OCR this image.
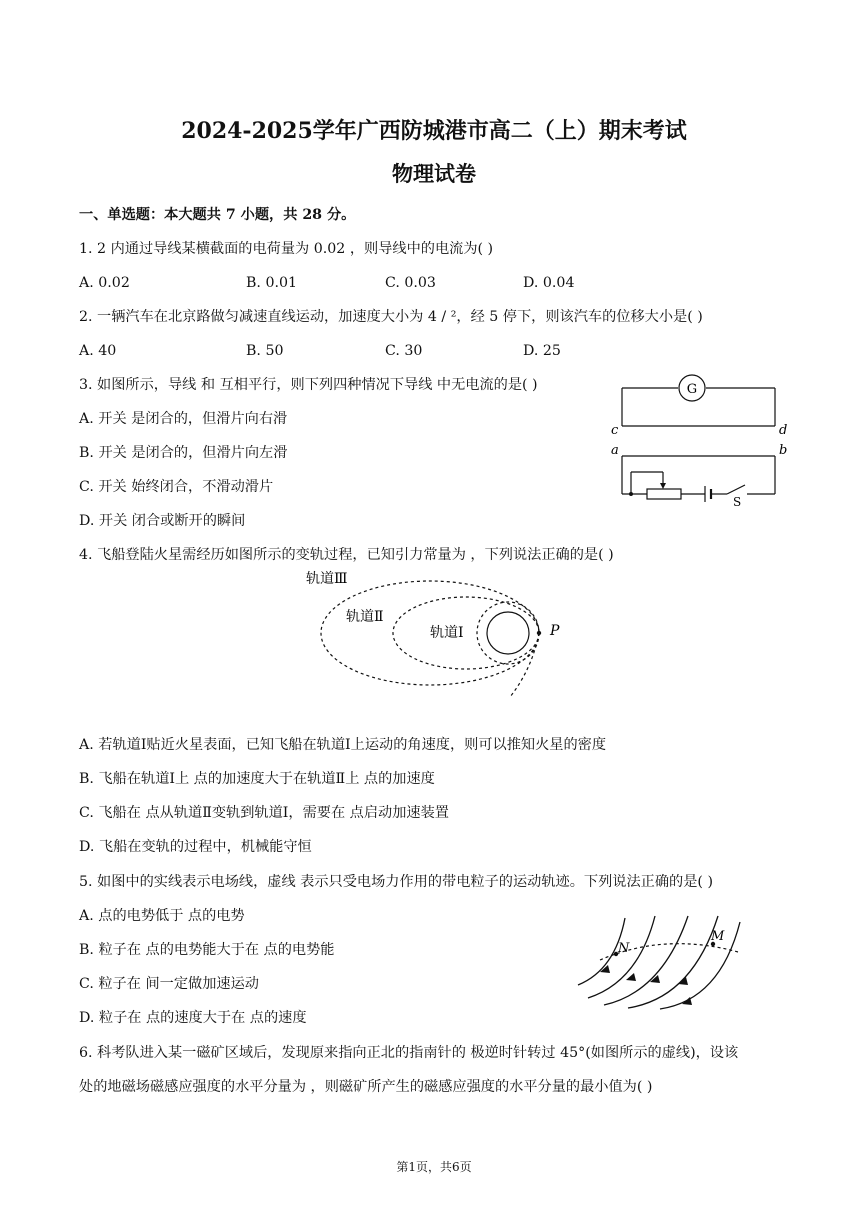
2024-2025学年广西防城港市高二（上）期末考试
物理试卷
一、单选题：本大题共 7 小题，共 28 分。
1. 2 内通过导线某横截面的电荷量为 0.02 ，则导线中的电流为( )
A. 0.02	B. 0.01	C. 0.03	D. 0.04
2. 一辆汽车在北京路做匀减速直线运动，加速度大小为 4 / ²，经 5 停下，则该汽车的位移大小是( )
A. 40	B. 50	C. 30	D. 25
3. 如图所示，导线 和 互相平行，则下列四种情况下导线 中无电流的是( )
A. 开关 是闭合的，但滑片向右滑
B. 开关 是闭合的，但滑片向左滑
C. 开关 始终闭合，不滑动滑片
D. 开关 闭合或断开的瞬间
G
c	d
a	b
S
4. 飞船登陆火星需经历如图所示的变轨过程，已知引力常量为 ，下列说法正确的是( )
轨道Ⅲ
轨道Ⅱ
轨道Ⅰ	P
A. 若轨道Ⅰ贴近火星表面，已知飞船在轨道Ⅰ上运动的角速度，则可以推知火星的密度
B. 飞船在轨道Ⅰ上 点的加速度大于在轨道Ⅱ上 点的加速度
C. 飞船在 点从轨道Ⅱ变轨到轨道Ⅰ，需要在 点启动加速装置
D. 飞船在变轨的过程中，机械能守恒
5. 如图中的实线表示电场线，虚线 表示只受电场力作用的带电粒子的运动轨迹。下列说法正确的是( )
A. 点的电势低于 点的电势
B. 粒子在 点的电势能大于在 点的电势能
C. 粒子在 间一定做加速运动
D. 粒子在 点的速度大于在 点的速度
N
M
6. 科考队进入某一磁矿区域后，发现原来指向正北的指南针的 极逆时针转过 45°(如图所示的虚线)，设该
处的地磁场磁感应强度的水平分量为 ，则磁矿所产生的磁感应强度的水平分量的最小值为( )
第1页，共6页
